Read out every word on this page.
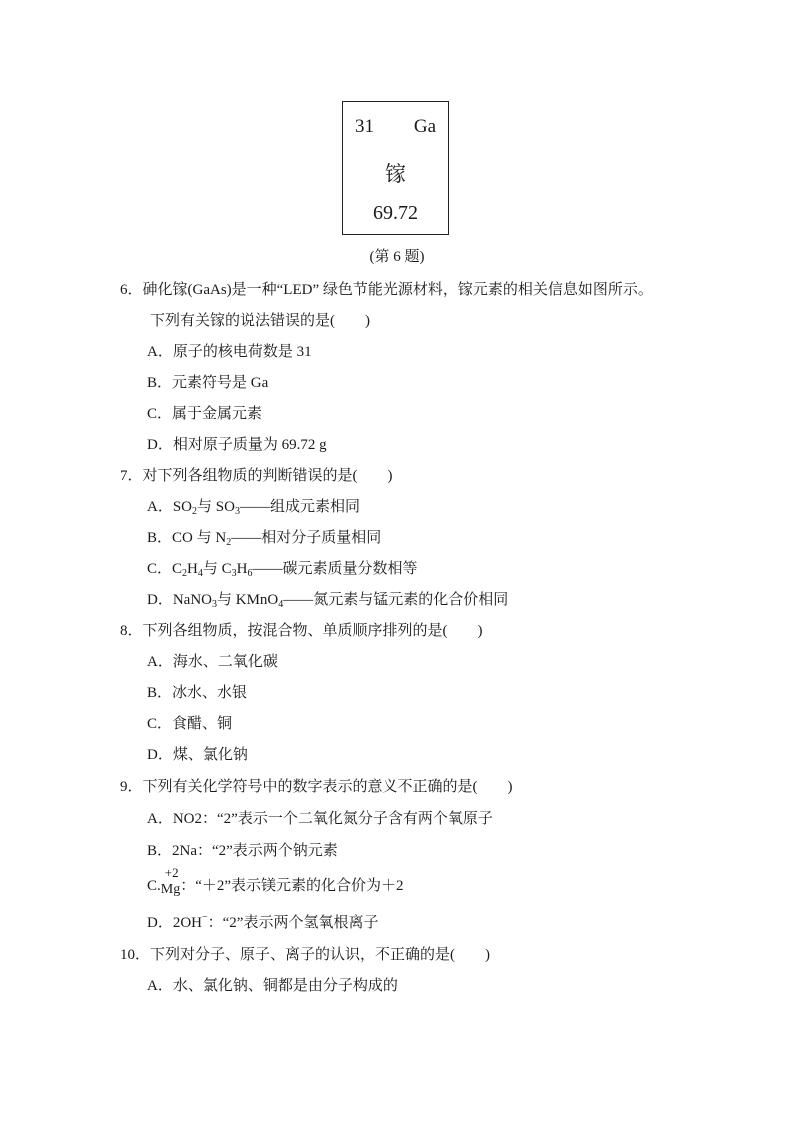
31 Ga
镓
69.72
(第 6 题)
6．砷化镓(GaAs)是一种“LED” 绿色节能光源材料，镓元素的相关信息如图所示。
下列有关镓的说法错误的是(　　)
A．原子的核电荷数是 31
B．元素符号是 Ga
C．属于金属元素
D．相对原子质量为 69.72 g
7．对下列各组物质的判断错误的是(　　)
A．$SO_2$与 $SO_3——$组成元素相同
B．CO 与 $N_2——$相对分子质量相同
C．$C_2H_4$与 $C_3H_6——$碳元素质量分数相等
D．NaNO$_3$与 KMnO$_4$——氮元素与锰元素的化合价相同
8．下列各组物质，按混合物、单质顺序排列的是(　　)
A．海水、二氧化碳
B．冰水、水银
C．食醋、铜
D．煤、氯化钠
9．下列有关化学符号中的数字表示的意义不正确的是(　　)
A．NO2：“2”表示一个二氧化氮分子含有两个氧原子
B．2Na：“2”表示两个钠元素
C.
+2
Mg：“＋2”表示镁元素的化合价为＋2
D．2OH−：“2”表示两个氢氧根离子
10．下列对分子、原子、离子的认识，不正确的是(　　)
A．水、氯化钠、铜都是由分子构成的
